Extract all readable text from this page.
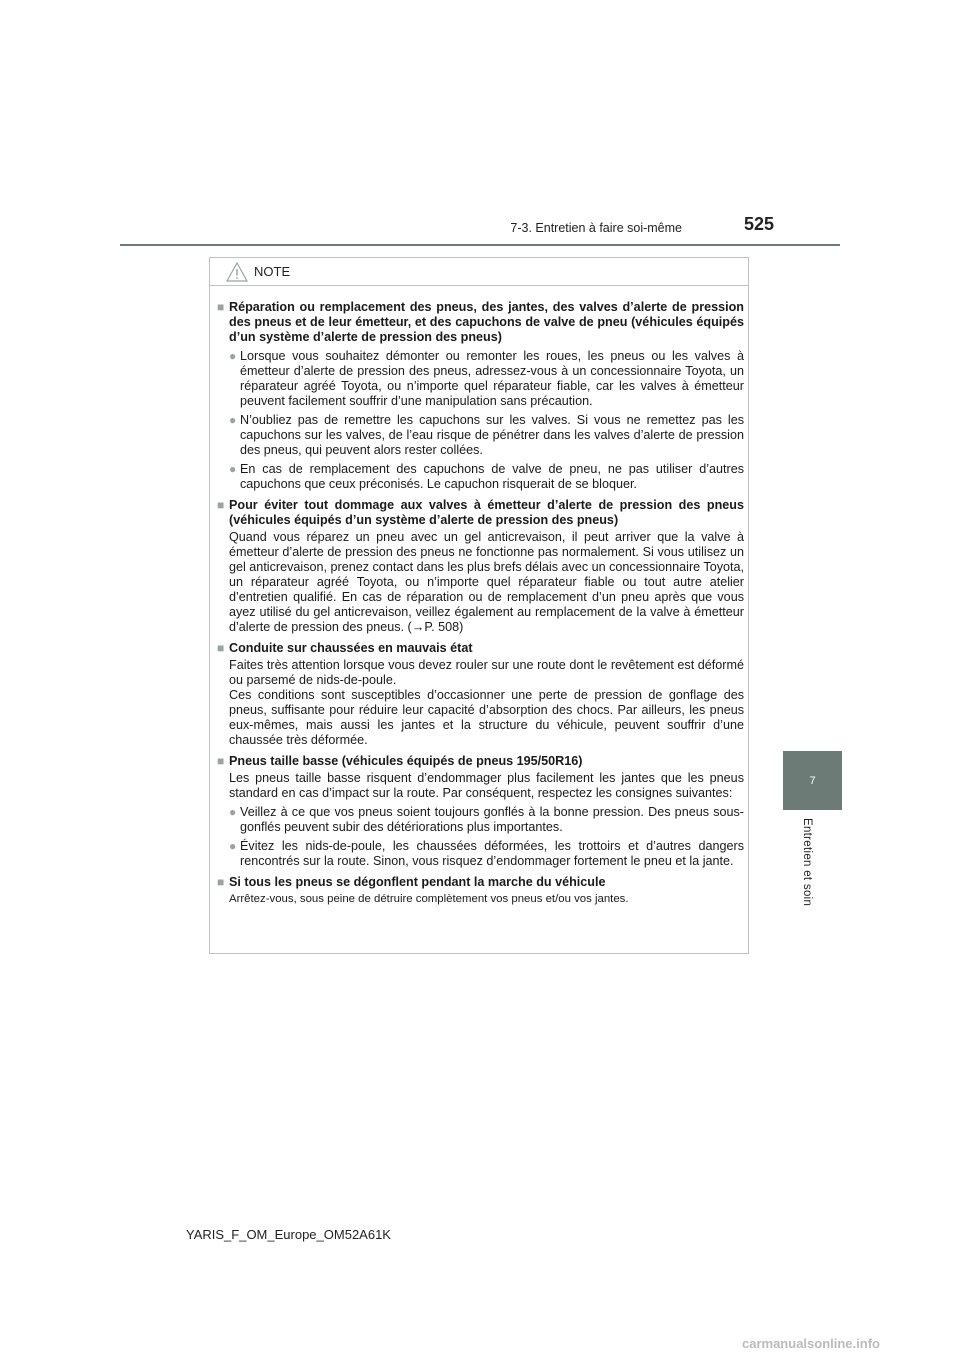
7-3. Entretien à faire soi-même	525
7
Entretien et soin
NOTE
■ Réparation ou remplacement des pneus, des jantes, des valves d’alerte de pression des pneus et de leur émetteur, et des capuchons de valve de pneu (véhicules équipés d’un système d’alerte de pression des pneus)
● Lorsque vous souhaitez démonter ou remonter les roues, les pneus ou les valves à émetteur d’alerte de pression des pneus, adressez-vous à un concessionnaire Toyota, un réparateur agréé Toyota, ou n’importe quel réparateur fiable, car les valves à émetteur peuvent facilement souffrir d’une manipulation sans précaution.
● N’oubliez pas de remettre les capuchons sur les valves. Si vous ne remettez pas les capuchons sur les valves, de l’eau risque de pénétrer dans les valves d’alerte de pression des pneus, qui peuvent alors rester collées.
● En cas de remplacement des capuchons de valve de pneu, ne pas utiliser d’autres capuchons que ceux préconisés. Le capuchon risquerait de se bloquer.
■ Pour éviter tout dommage aux valves à émetteur d’alerte de pression des pneus (véhicules équipés d’un système d’alerte de pression des pneus)
Quand vous réparez un pneu avec un gel anticrevaison, il peut arriver que la valve à émetteur d’alerte de pression des pneus ne fonctionne pas normalement. Si vous utilisez un gel anticrevaison, prenez contact dans les plus brefs délais avec un concessionnaire Toyota, un réparateur agréé Toyota, ou n’importe quel réparateur fiable ou tout autre atelier d’entretien qualifié. En cas de réparation ou de remplacement d’un pneu après que vous ayez utilisé du gel anticrevaison, veillez également au remplacement de la valve à émetteur d’alerte de pression des pneus. (→P. 508)
■ Conduite sur chaussées en mauvais état
Faites très attention lorsque vous devez rouler sur une route dont le revêtement est déformé ou parsemé de nids-de-poule.
Ces conditions sont susceptibles d’occasionner une perte de pression de gonflage des pneus, suffisante pour réduire leur capacité d’absorption des chocs. Par ailleurs, les pneus eux-mêmes, mais aussi les jantes et la structure du véhicule, peuvent souffrir d’une chaussée très déformée.
■ Pneus taille basse (véhicules équipés de pneus 195/50R16)
Les pneus taille basse risquent d’endommager plus facilement les jantes que les pneus standard en cas d’impact sur la route. Par conséquent, respectez les consignes suivantes:
● Veillez à ce que vos pneus soient toujours gonflés à la bonne pression. Des pneus sous-gonflés peuvent subir des détériorations plus importantes.
● Évitez les nids-de-poule, les chaussées déformées, les trottoirs et d’autres dangers rencontrés sur la route. Sinon, vous risquez d’endommager fortement le pneu et la jante.
■ Si tous les pneus se dégonflent pendant la marche du véhicule
Arrêtez-vous, sous peine de détruire complètement vos pneus et/ou vos jantes.
YARIS_F_OM_Europe_OM52A61K
carmanualsonline.info
